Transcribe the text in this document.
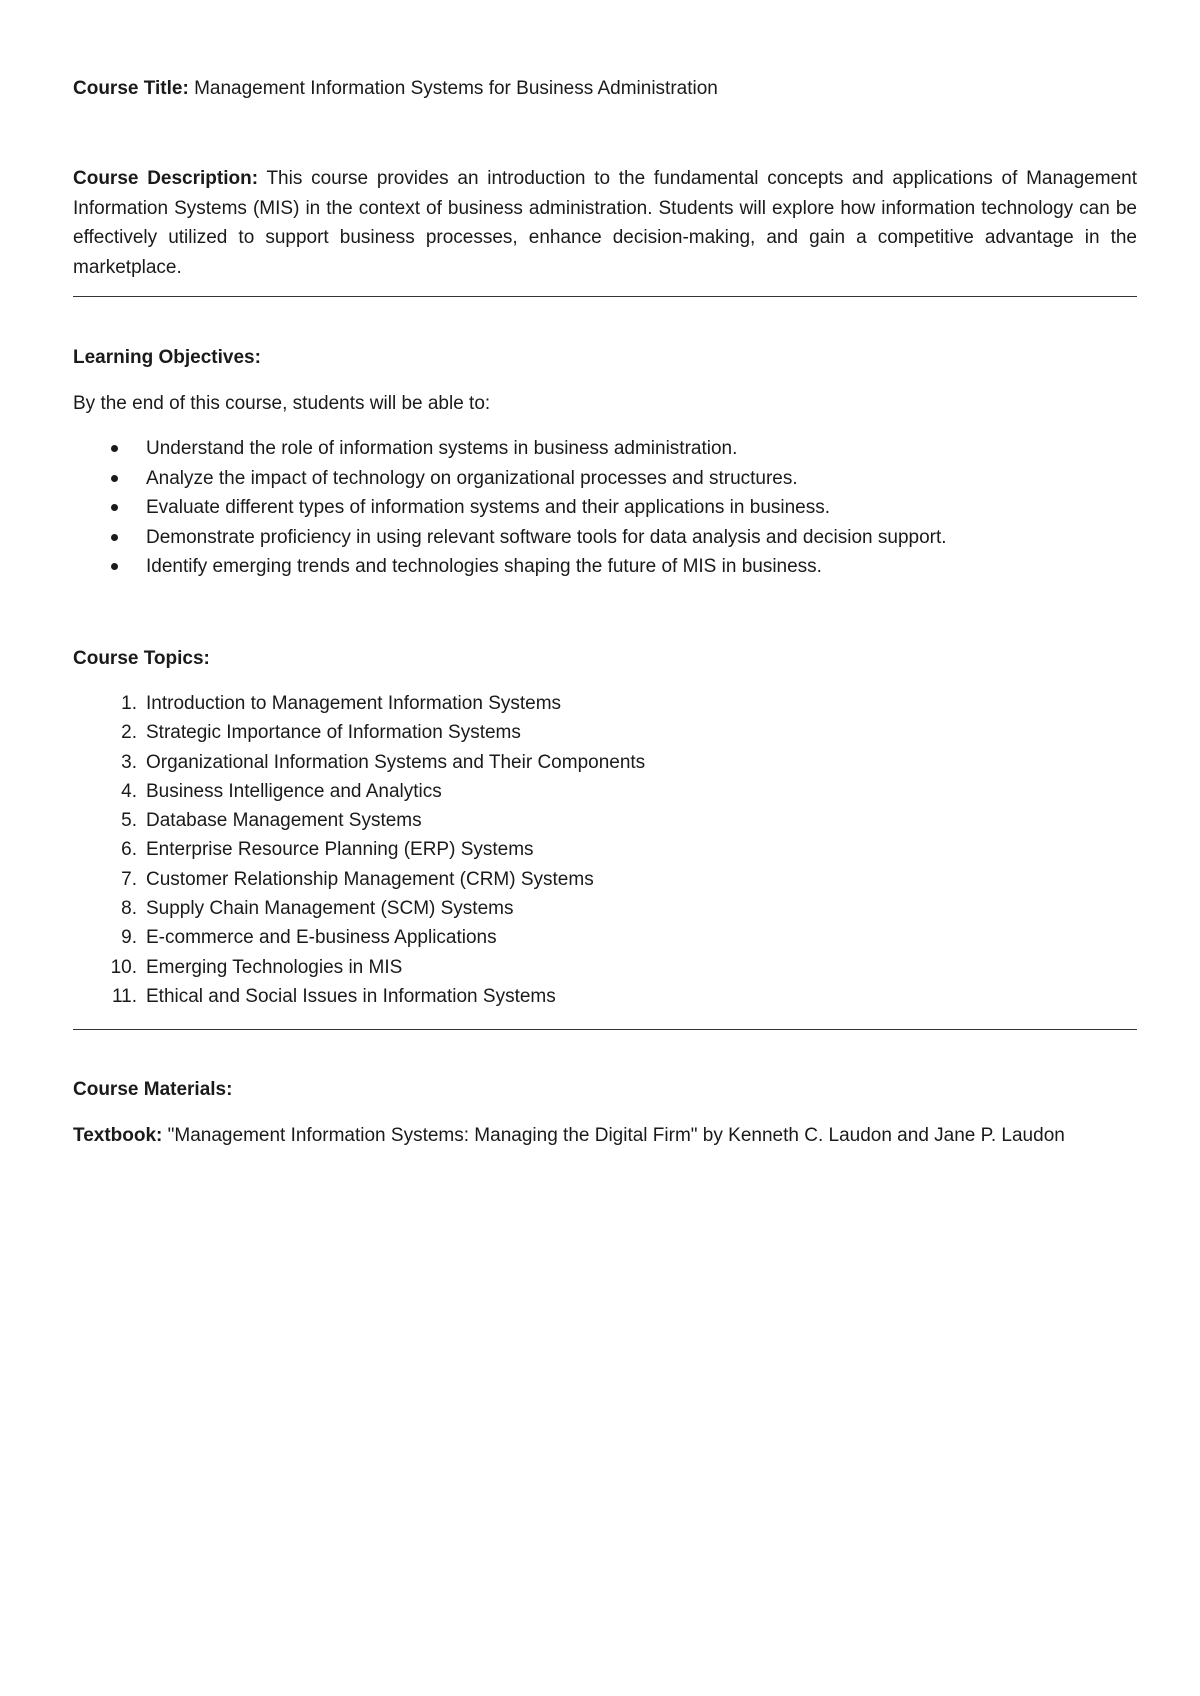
Course Title: Management Information Systems for Business Administration

Course Description: This course provides an introduction to the fundamental concepts and applications of Management Information Systems (MIS) in the context of business administration. Students will explore how information technology can be effectively utilized to support business processes, enhance decision-making, and gain a competitive advantage in the marketplace.

Learning Objectives:

By the end of this course, students will be able to:

Understand the role of information systems in business administration.
Analyze the impact of technology on organizational processes and structures.
Evaluate different types of information systems and their applications in business.
Demonstrate proficiency in using relevant software tools for data analysis and decision support.
Identify emerging trends and technologies shaping the future of MIS in business.
Course Topics:
1. Introduction to Management Information Systems
2. Strategic Importance of Information Systems
3. Organizational Information Systems and Their Components
4. Business Intelligence and Analytics
5. Database Management Systems
6. Enterprise Resource Planning (ERP) Systems
7. Customer Relationship Management (CRM) Systems
8. Supply Chain Management (SCM) Systems
9. E-commerce and E-business Applications
10. Emerging Technologies in MIS
11. Ethical and Social Issues in Information Systems
Course Materials:

Textbook: "Management Information Systems: Managing the Digital Firm" by Kenneth C. Laudon and Jane P. Laudon
